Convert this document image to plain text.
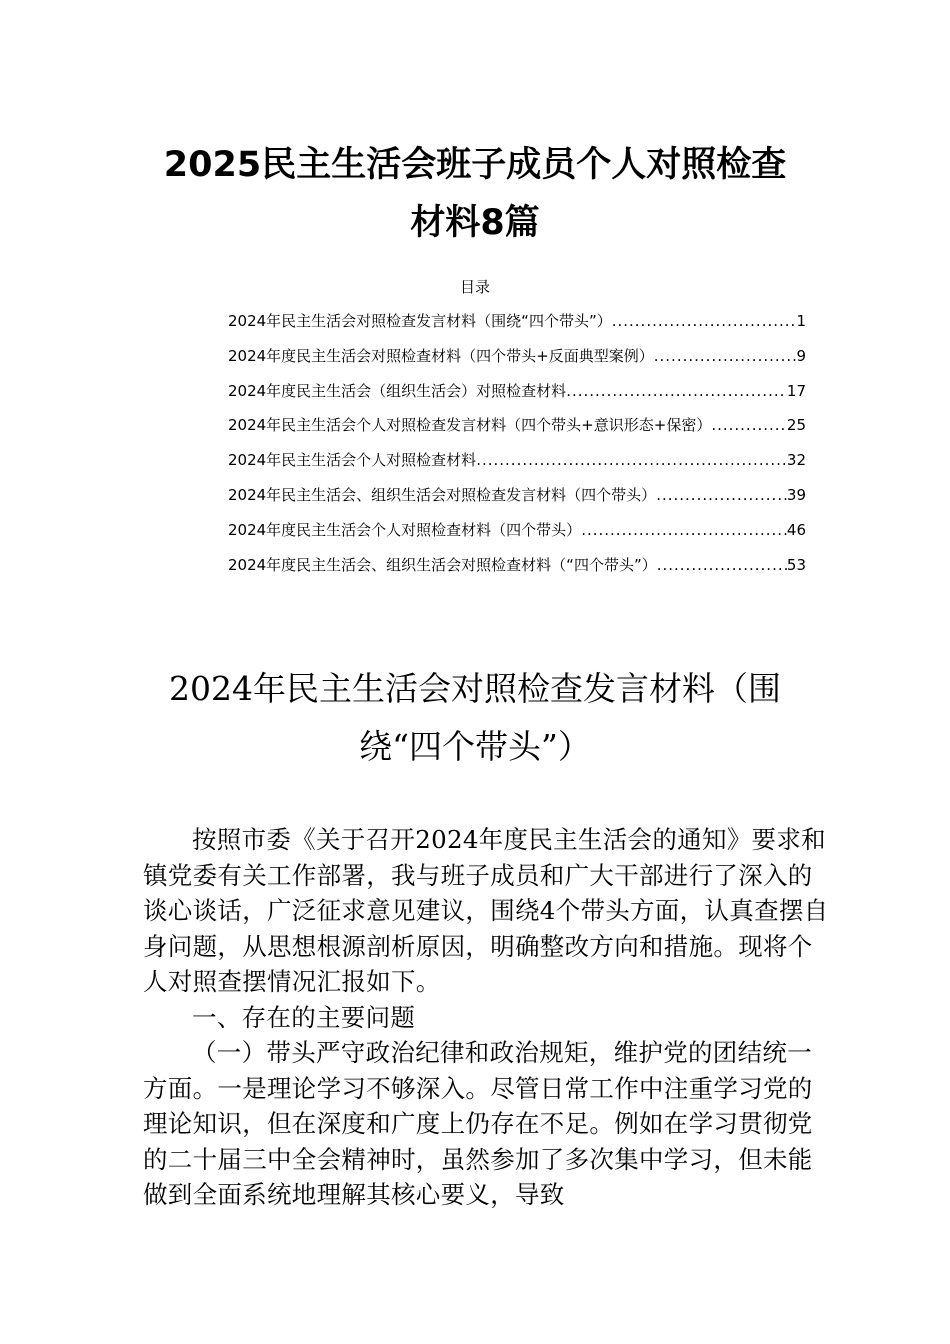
2025民主生活会班子成员个人对照检查
材料8篇
目录
2024年民主生活会对照检查发言材料（围绕“四个带头”） .....	1
2024年度民主生活会对照检查材料（四个带头+反面典型案例） .....	9
2024年度民主生活会（组织生活会）对照检查材料 .....	17
2024年民主生活会个人对照检查发言材料（四个带头+意识形态+保密） .....	25
2024年民主生活会个人对照检查材料 .....	32
2024年民主生活会、组织生活会对照检查发言材料（四个带头） .....	39
2024年度民主生活会个人对照检查材料（四个带头） .....	46
2024年度民主生活会、组织生活会对照检查材料（“四个带头”） .....	53
2024年民主生活会对照检查发言材料（围
绕“四个带头”）

按照市委《关于召开2024年度民主生活会的通知》要求和镇党委有关工作部署，我与班子成员和广大干部进行了深入的谈心谈话，广泛征求意见建议，围绕4个带头方面，认真查摆自身问题，从思想根源剖析原因，明确整改方向和措施。现将个人对照查摆情况汇报如下。

一、存在的主要问题

（一）带头严守政治纪律和政治规矩，维护党的团结统一方面。一是理论学习不够深入。尽管日常工作中注重学习党的理论知识，但在深度和广度上仍存在不足。例如在学习贯彻党的二十届三中全会精神时，虽然参加了多次集中学习，但未能做到全面系统地理解其核心要义，导致
